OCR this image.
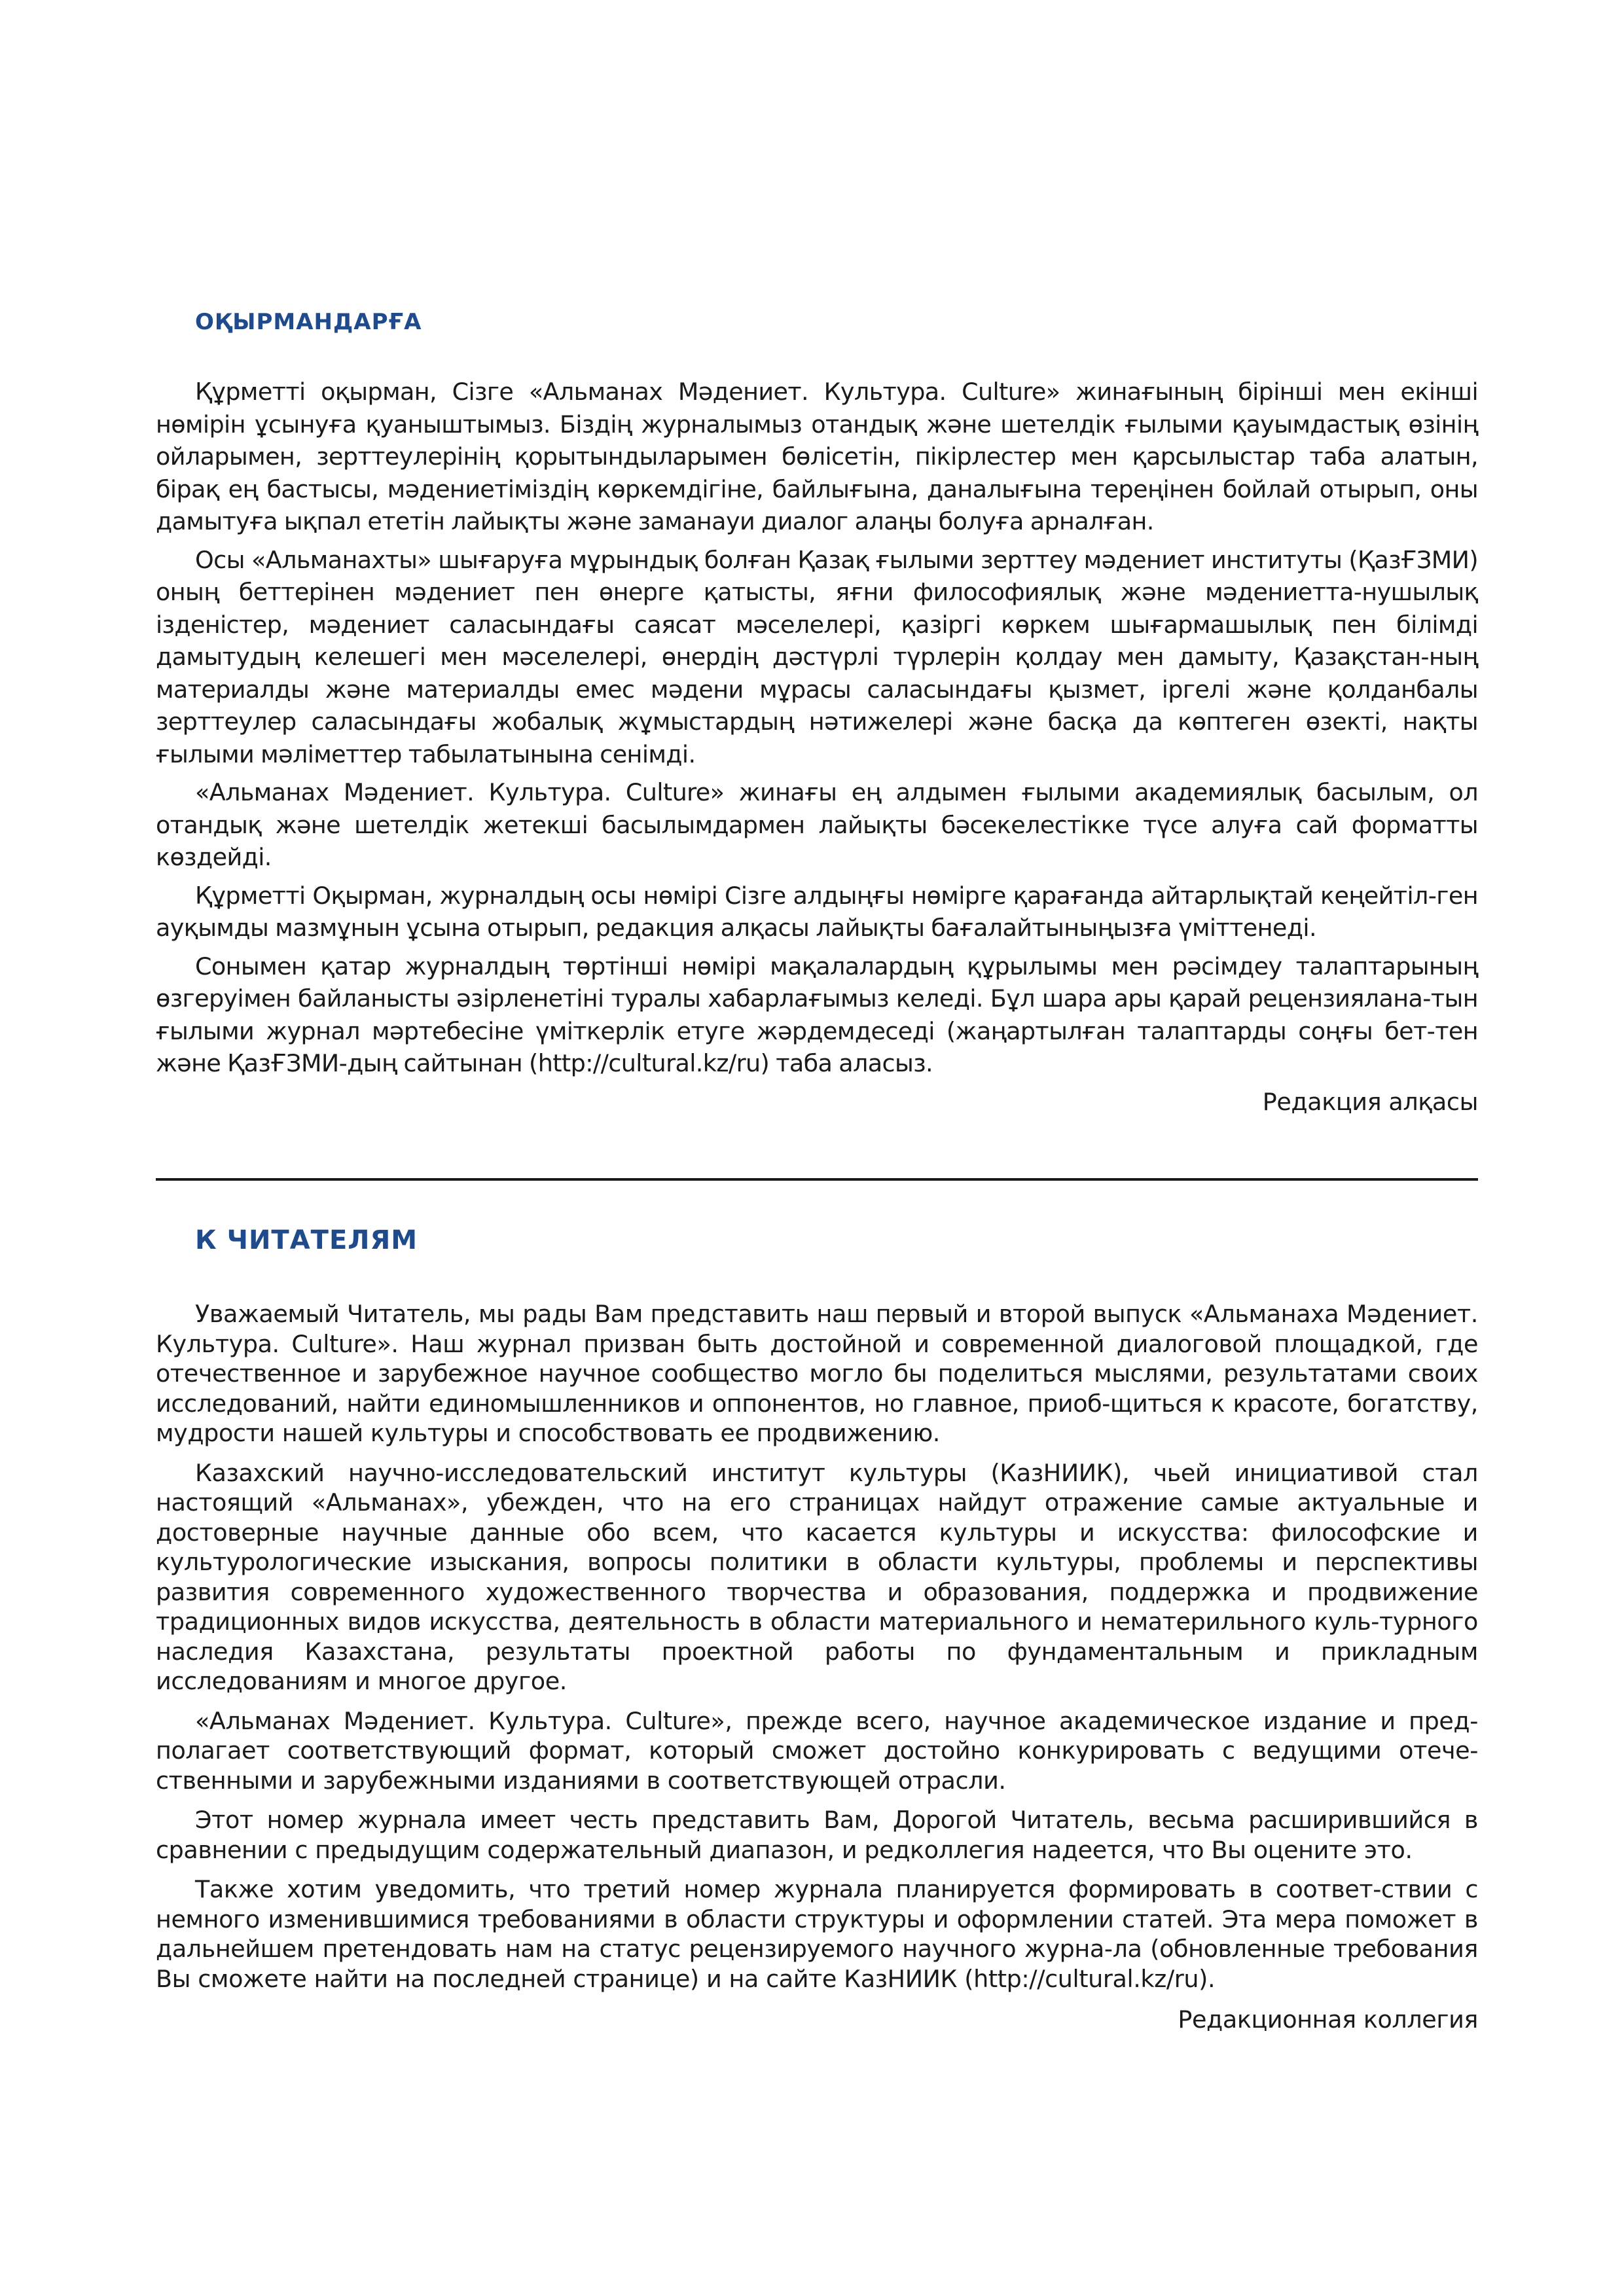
ОҚЫРМАНДАРҒА

Құрметті оқырман, Сізге «Альманах Мәдениет. Культура. Culture» жинағының бірінші мен екінші нөмірін ұсынуға қуаныштымыз. Біздің журналымыз отандық және шетелдік ғылыми қауымдастық өзінің ойларымен, зерттеулерінің қорытындыларымен бөлісетін, пікірлестер мен қарсылыстар таба алатын, бірақ ең бастысы, мәдениетіміздің көркемдігіне, байлығына, даналығына тереңінен бойлай отырып, оны дамытуға ықпал ететін лайықты және заманауи диалог алаңы болуға арналған.

Осы «Альманахты» шығаруға мұрындық болған Қазақ ғылыми зерттеу мәдениет институты (ҚазҒЗМИ) оның беттерінен мәдениет пен өнерге қатысты, яғни философиялық және мәдениетта-нушылық ізденістер, мәдениет саласындағы саясат мәселелері, қазіргі көркем шығармашылық пен білімді дамытудың келешегі мен мәселелері, өнердің дәстүрлі түрлерін қолдау мен дамыту, Қазақстан-ның материалды және материалды емес мәдени мұрасы саласындағы қызмет, іргелі және қолданбалы зерттеулер саласындағы жобалық жұмыстардың нәтижелері және басқа да көптеген өзекті, нақты ғылыми мәліметтер табылатынына сенімді.

«Альманах Мәдениет. Культура. Culture» жинағы ең алдымен ғылыми академиялық басылым, ол отандық және шетелдік жетекші басылымдармен лайықты бәсекелестікке түсе алуға сай форматты көздейді.

Құрметті Оқырман, журналдың осы нөмірі Сізге алдыңғы нөмірге қарағанда айтарлықтай кеңейтіл-ген ауқымды мазмұнын ұсына отырып, редакция алқасы лайықты бағалайтыныңызға үміттенеді.

Сонымен қатар журналдың төртінші нөмірі мақалалардың құрылымы мен рәсімдеу талаптарының өзгеруімен байланысты әзірленетіні туралы хабарлағымыз келеді. Бұл шара ары қарай рецензиялана-тын ғылыми журнал мәртебесіне үміткерлік етуге жәрдемдеседі (жаңартылған талаптарды соңғы бет-тен және ҚазҒЗМИ-дың сайтынан (http://cultural.kz/ru) таба аласыз.

Редакция алқасы
К ЧИТАТЕЛЯМ

Уважаемый Читатель, мы рады Вам представить наш первый и второй выпуск «Альманаха Мәдениет. Культура. Culture». Наш журнал призван быть достойной и современной диалоговой площадкой, где отечественное и зарубежное научное сообщество могло бы поделиться мыслями, результатами своих исследований, найти единомышленников и оппонентов, но главное, приоб-щиться к красоте, богатству, мудрости нашей культуры и способствовать ее продвижению.

Казахский научно-исследовательский институт культуры (КазНИИК), чьей инициативой стал настоящий «Альманах», убежден, что на его страницах найдут отражение самые актуальные и достоверные научные данные обо всем, что касается культуры и искусства: философские и культурологические изыскания, вопросы политики в области культуры, проблемы и перспективы развития современного художественного творчества и образования, поддержка и продвижение традиционных видов искусства, деятельность в области материального и нематерильного куль-турного наследия Казахстана, результаты проектной работы по фундаментальным и прикладным исследованиям и многое другое.

«Альманах Мәдениет. Культура. Culture», прежде всего, научное академическое издание и пред-полагает соответствующий формат, который сможет достойно конкурировать с ведущими отече-ственными и зарубежными изданиями в соответствующей отрасли.

Этот номер журнала имеет честь представить Вам, Дорогой Читатель, весьма расширившийся в сравнении с предыдущим содержательный диапазон, и редколлегия надеется, что Вы оцените это.

Также хотим уведомить, что третий номер журнала планируется формировать в соответ-ствии с немного изменившимися требованиями в области структуры и оформлении статей. Эта мера поможет в дальнейшем претендовать нам на статус рецензируемого научного журна-ла (обновленные требования Вы сможете найти на последней странице) и на сайте КазНИИК (http://cultural.kz/ru).

Редакционная коллегия
